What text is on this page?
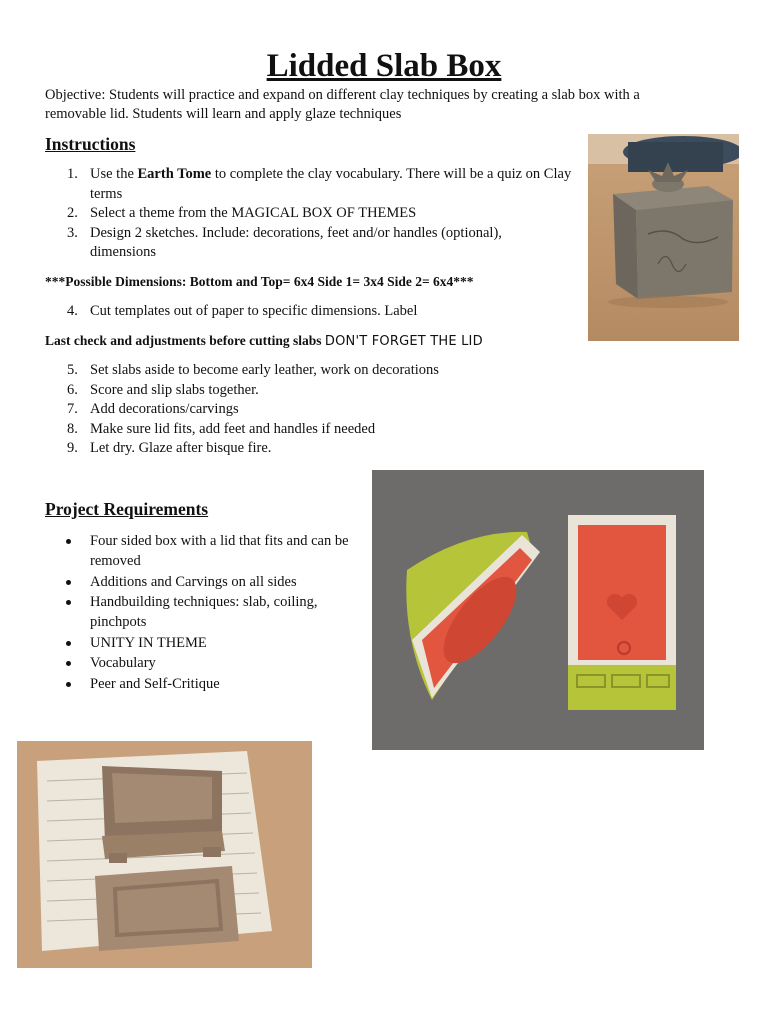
Lidded Slab Box
Objective: Students will practice and expand on different clay techniques by creating a slab box with a removable lid. Students will learn and apply glaze techniques
Instructions
1. Use the Earth Tome to complete the clay vocabulary. There will be a quiz on Clay terms
2. Select a theme from the MAGICAL BOX OF THEMES
3. Design 2 sketches. Include: decorations, feet and/or handles (optional), dimensions
***Possible Dimensions: Bottom and Top= 6x4 Side 1= 3x4 Side 2= 6x4***
4. Cut templates out of paper to specific dimensions. Label
Last check and adjustments before cutting slabs DON'T FORGET THE LID
5. Set slabs aside to become early leather, work on decorations
6. Score and slip slabs together.
7. Add decorations/carvings
8. Make sure lid fits, add feet and handles if needed
9. Let dry. Glaze after bisque fire.
Project Requirements
Four sided box with a lid that fits and can be removed
Additions and Carvings on all sides
Handbuilding techniques: slab, coiling, pinchpots
UNITY IN THEME
Vocabulary
Peer and Self-Critique
